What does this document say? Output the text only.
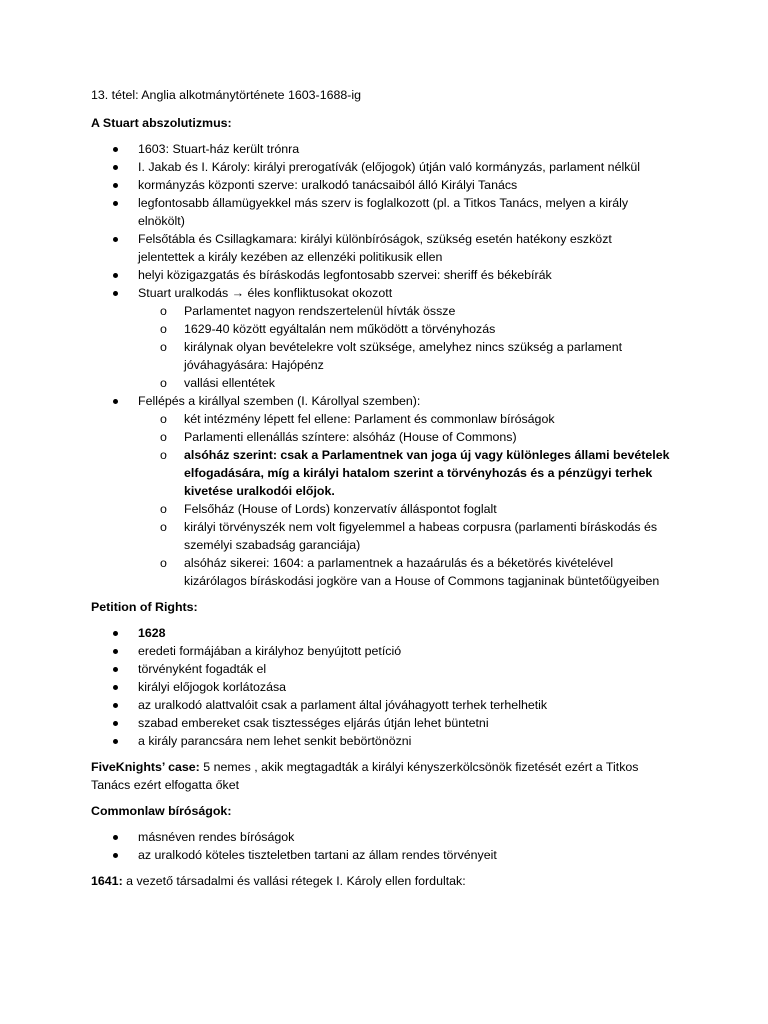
13. tétel: Anglia alkotmánytörténete 1603-1688-ig
A Stuart abszolutizmus:
1603: Stuart-ház került trónra
I. Jakab és I. Károly: királyi prerogatívák (előjogok) útján való kormányzás, parlament nélkül
kormányzás központi szerve: uralkodó tanácsaiból álló Királyi Tanács
legfontosabb államügyekkel más szerv is foglalkozott (pl. a Titkos Tanács, melyen a király elnökölt)
Felsőtábla és Csillagkamara: királyi különbíróságok, szükség esetén hatékony eszközt jelentettek a király kezében az ellenzéki politikusik ellen
helyi közigazgatás és bíráskodás legfontosabb szervei: sheriff és békebírák
Stuart uralkodás → éles konfliktusokat okozott
o Parlamentet nagyon rendszertelenül hívták össze
o 1629-40 között egyáltalán nem működött a törvényhozás
o királynak olyan bevételekre volt szüksége, amelyhez nincs szükség a parlament jóváhagyására: Hajópénz
o vallási ellentétek
Fellépés a királlyal szemben (I. Károllyal szemben):
o két intézmény lépett fel ellene: Parlament és commonlaw bíróságok
o Parlamenti ellenállás színtere: alsóház (House of Commons)
o alsóház szerint: csak a Parlamentnek van joga új vagy különleges állami bevételek elfogadására, míg a királyi hatalom szerint a törvényhozás és a pénzügyi terhek kivetése uralkodói előjok.
o Felsőház (House of Lords) konzervatív álláspontot foglalt
o királyi törvényszék nem volt figyelemmel a habeas corpusra (parlamenti bíráskodás és személyi szabadság garanciája)
o alsóház sikerei: 1604: a parlamentnek a hazaárulás és a béketörés kivételével kizárólagos bíráskodási jogköre van a House of Commons tagjaninak büntetőügyeiben
Petition of Rights:
1628
eredeti formájában a királyhoz benyújtott petíció
törvényként fogadták el
királyi előjogok korlátozása
az uralkodó alattvalóit csak a parlament által jóváhagyott terhek terhelhetik
szabad embereket csak tisztességes eljárás útján lehet büntetni
a király parancsára nem lehet senkit bebörtönözni
FiveKnights’ case: 5 nemes , akik megtagadták a királyi kényszerkölcsönök fizetését ezért a Titkos Tanács ezért elfogatta őket
Commonlaw bíróságok:
másnéven rendes bíróságok
az uralkodó köteles tiszteletben tartani az állam rendes törvényeit
1641: a vezető társadalmi és vallási rétegek I. Károly ellen fordultak:
